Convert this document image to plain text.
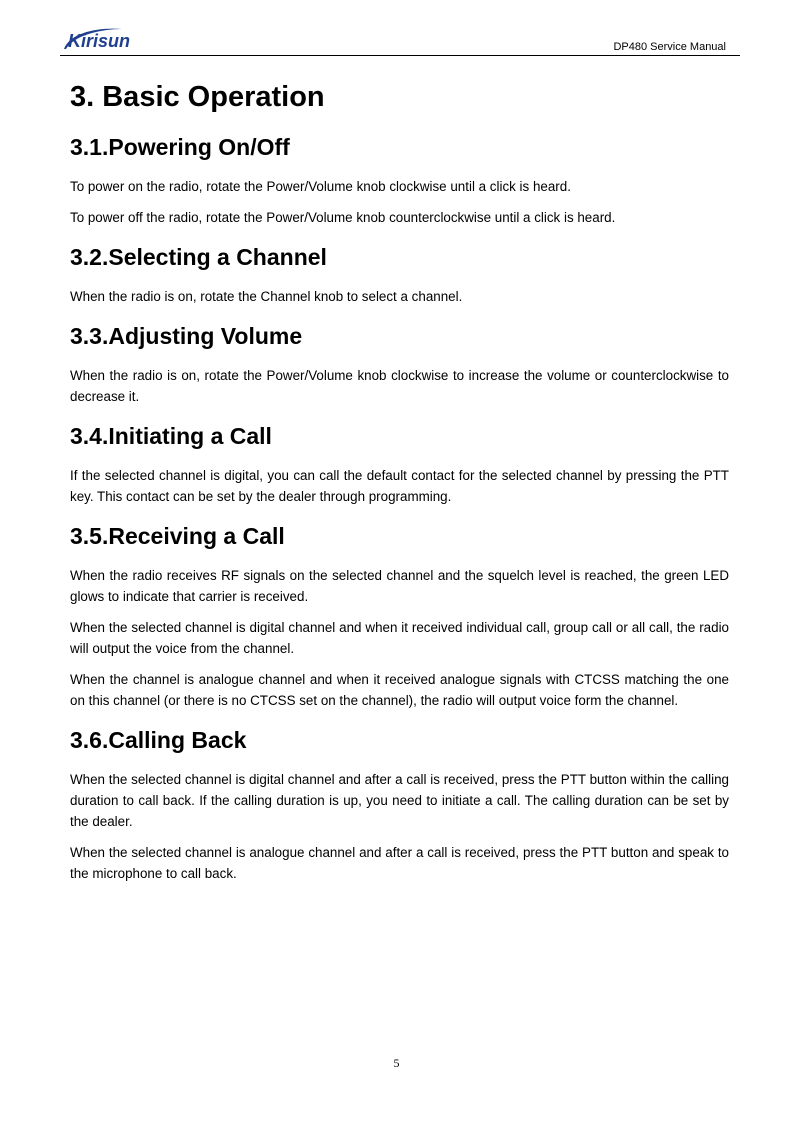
Kirisun	DP480 Service Manual
3. Basic Operation
3.1.Powering On/Off

To power on the radio, rotate the Power/Volume knob clockwise until a click is heard.

To power off the radio, rotate the Power/Volume knob counterclockwise until a click is heard.

3.2.Selecting a Channel

When the radio is on, rotate the Channel knob to select a channel.

3.3.Adjusting Volume

When the radio is on, rotate the Power/Volume knob clockwise to increase the volume or counterclockwise to decrease it.

3.4.Initiating a Call

If the selected channel is digital, you can call the default contact for the selected channel by pressing the PTT key. This contact can be set by the dealer through programming.

3.5.Receiving a Call

When the radio receives RF signals on the selected channel and the squelch level is reached, the green LED glows to indicate that carrier is received.

When the selected channel is digital channel and when it received individual call, group call or all call, the radio will output the voice from the channel.

When the channel is analogue channel and when it received analogue signals with CTCSS matching the one on this channel (or there is no CTCSS set on the channel), the radio will output voice form the channel.

3.6.Calling Back

When the selected channel is digital channel and after a call is received, press the PTT button within the calling duration to call back. If the calling duration is up, you need to initiate a call. The calling duration can be set by the dealer.

When the selected channel is analogue channel and after a call is received, press the PTT button and speak to the microphone to call back.

5
